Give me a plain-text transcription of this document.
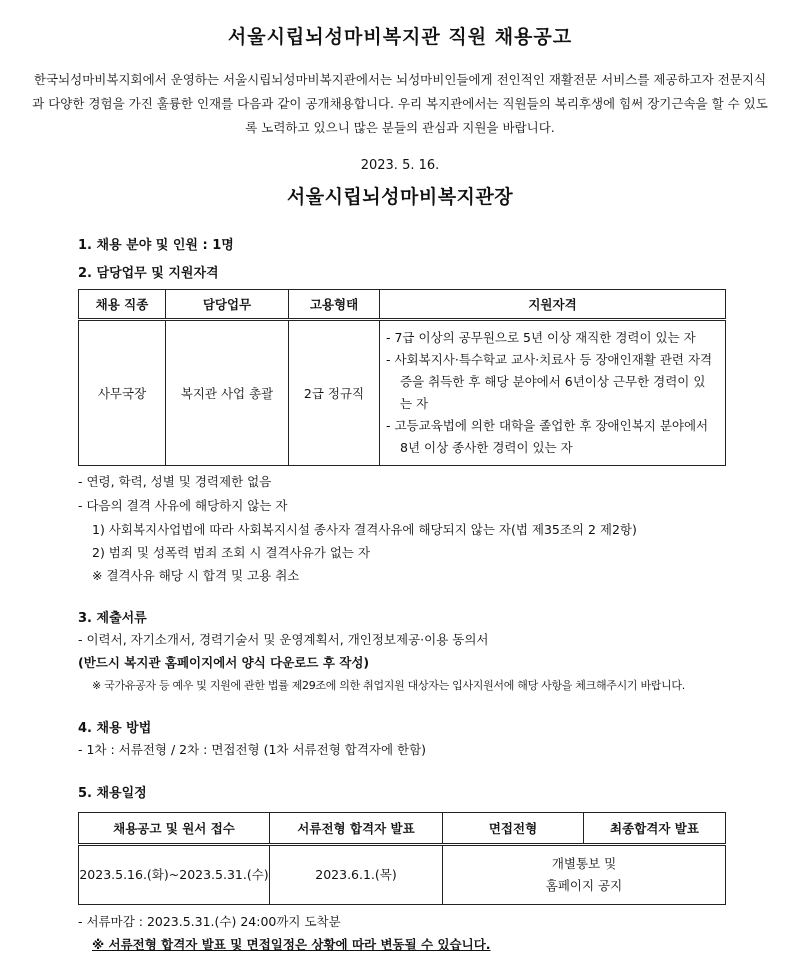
서울시립뇌성마비복지관 직원 채용공고
한국뇌성마비복지회에서 운영하는 서울시립뇌성마비복지관에서는 뇌성마비인들에게 전인적인 재활전문 서비스를 제공하고자 전문지식과 다양한 경험을 가진 훌륭한 인재를 다음과 같이 공개채용합니다. 우리 복지관에서는 직원들의 복리후생에 힘써 장기근속을 할 수 있도록 노력하고 있으니 많은 분들의 관심과 지원을 바랍니다.
2023. 5. 16.
서울시립뇌성마비복지관장
1. 채용 분야 및 인원 : 1명
2. 담당업무 및 지원자격
채용 직종	담당업무	고용형태	지원자격
사무국장	복지관 사업 총괄	2급 정규직	- 7급 이상의 공무원으로 5년 이상 재직한 경력이 있는 자
- 사회복지사·특수학교 교사·치료사 등 장애인재활 관련 자격증을 취득한 후 해당 분야에서 6년이상 근무한 경력이 있는 자
- 고등교육법에 의한 대학을 졸업한 후 장애인복지 분야에서 8년 이상 종사한 경력이 있는 자
- 연령, 학력, 성별 및 경력제한 없음
- 다음의 결격 사유에 해당하지 않는 자
1) 사회복지사업법에 따라 사회복지시설 종사자 결격사유에 해당되지 않는 자(법 제35조의 2 제2항)
2) 범죄 및 성폭력 범죄 조회 시 결격사유가 없는 자
※ 결격사유 해당 시 합격 및 고용 취소
3. 제출서류
- 이력서, 자기소개서, 경력기술서 및 운영계획서, 개인정보제공·이용 동의서
(반드시 복지관 홈페이지에서 양식 다운로드 후 작성)
※ 국가유공자 등 예우 및 지원에 관한 법률 제29조에 의한 취업지원 대상자는 입사지원서에 해당 사항을 체크해주시기 바랍니다.
4. 채용 방법
- 1차 : 서류전형 / 2차 : 면접전형 (1차 서류전형 합격자에 한함)
5. 채용일정
채용공고 및 원서 접수	서류전형 합격자 발표	면접전형	최종합격자 발표
2023.5.16.(화)~2023.5.31.(수)	2023.6.1.(목)	개별통보 및
홈페이지 공지	
- 서류마감 : 2023.5.31.(수) 24:00까지 도착분
※ 서류전형 합격자 발표 및 면접일정은 상황에 따라 변동될 수 있습니다.
